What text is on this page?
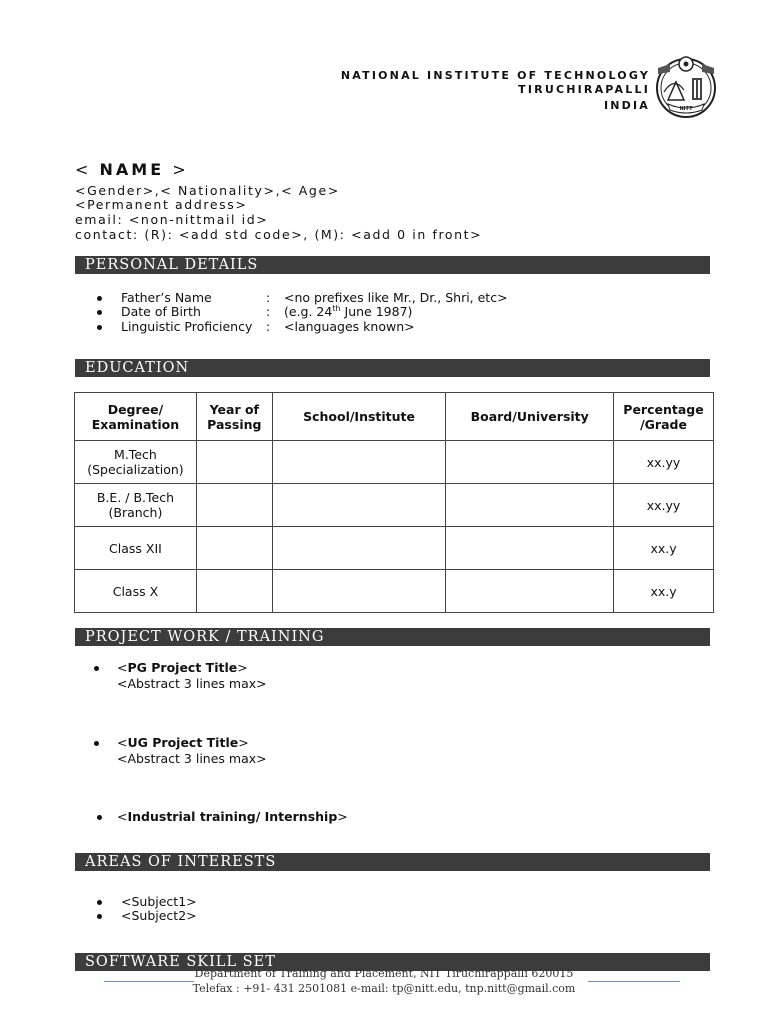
NATIONAL INSTITUTE OF TECHNOLOGY
TIRUCHIRAPALLI
INDIA	NITT
< NAME >
<Gender>,< Nationality>,< Age>
<Permanent address>
email: <non-nittmail id>
contact: (R): <add std code>, (M): <add 0 in front>
PERSONAL DETAILS
Father’s Name	: <no prefixes like Mr., Dr., Shri, etc>
Date of Birth	: (e.g. 24th June 1987)
Linguistic Proficiency : <languages known>
EDUCATION
Degree/ Examination	Year of Passing	School/Institute	Board/University	Percentage /Grade

M.Tech
(Specialization)				xx.yy

B.E. / B.Tech
(Branch)				xx.yy

Class XII				xx.y

Class X				xx.y
PROJECT WORK / TRAINING
<PG Project Title>
<Abstract 3 lines max>
<UG Project Title>
<Abstract 3 lines max>
<Industrial training/ Internship>
AREAS OF INTERESTS
<Subject1>
<Subject2>
SOFTWARE SKILL SET
Department of Training and Placement, NIT Tiruchirappalli 620015
Telefax : +91- 431 2501081 e-mail: tp@nitt.edu, tnp.nitt@gmail.com
